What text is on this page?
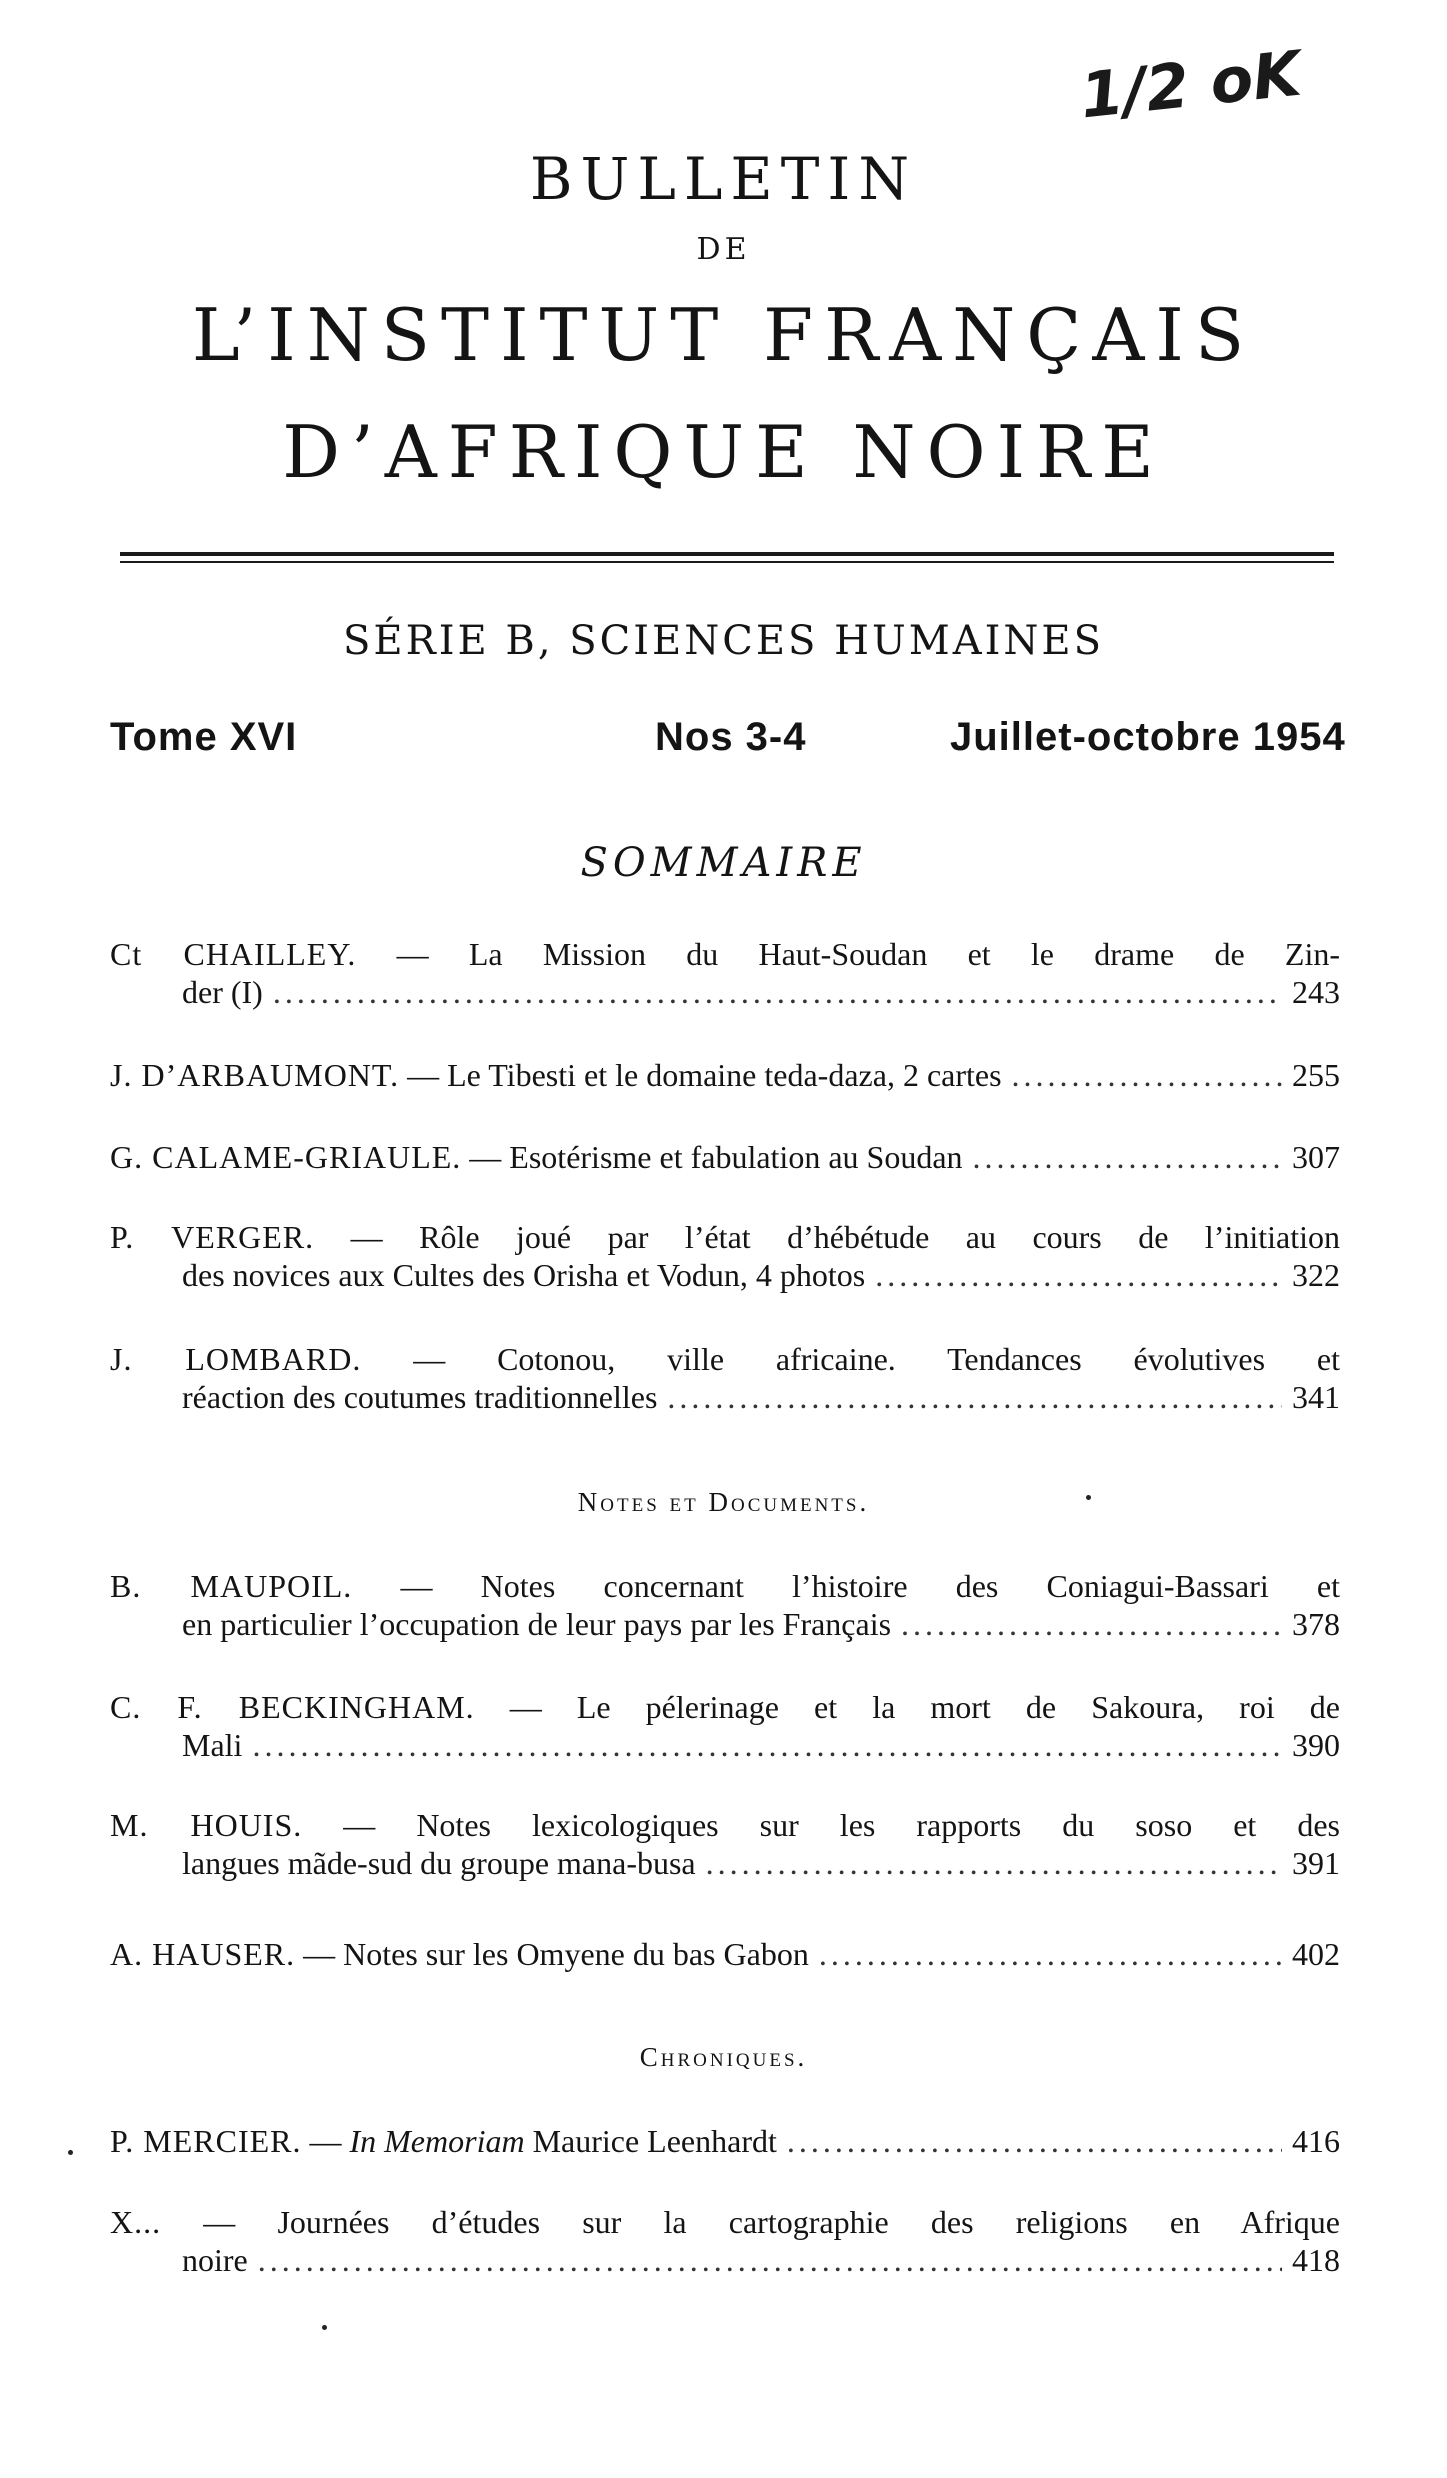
1/2 oK
BULLETIN
DE
L’INSTITUT FRANÇAIS
D’AFRIQUE NOIRE
SÉRIE B, SCIENCES HUMAINES
Tome XVI	Nos 3-4	Juillet-octobre 1954
SOMMAIRE
Ct CHAILLEY. — La Mission du Haut-Soudan et le drame de Zin-
der (I) .....	243
J. D’ARBAUMONT. — Le Tibesti et le domaine teda-daza, 2 cartes .....	255
G. CALAME-GRIAULE. — Esotérisme et fabulation au Soudan .....	307
P. VERGER. — Rôle joué par l’état d’hébétude au cours de l’initiation
des novices aux Cultes des Orisha et Vodun, 4 photos .....	322
J. LOMBARD. — Cotonou, ville africaine. Tendances évolutives et
réaction des coutumes traditionnelles .....	341
Notes et Documents.
B. MAUPOIL. — Notes concernant l’histoire des Coniagui-Bassari et
en particulier l’occupation de leur pays par les Français .....	378
C. F. BECKINGHAM. — Le pélerinage et la mort de Sakoura, roi de
Mali .....	390
M. HOUIS. — Notes lexicologiques sur les rapports du soso et des
langues mãde-sud du groupe mana-busa .....	391
A. HAUSER. — Notes sur les Omyene du bas Gabon .....	402
Chroniques.
P. MERCIER. — In Memoriam Maurice Leenhardt .....	416
X... — Journées d’études sur la cartographie des religions en Afrique
noire .....	418
